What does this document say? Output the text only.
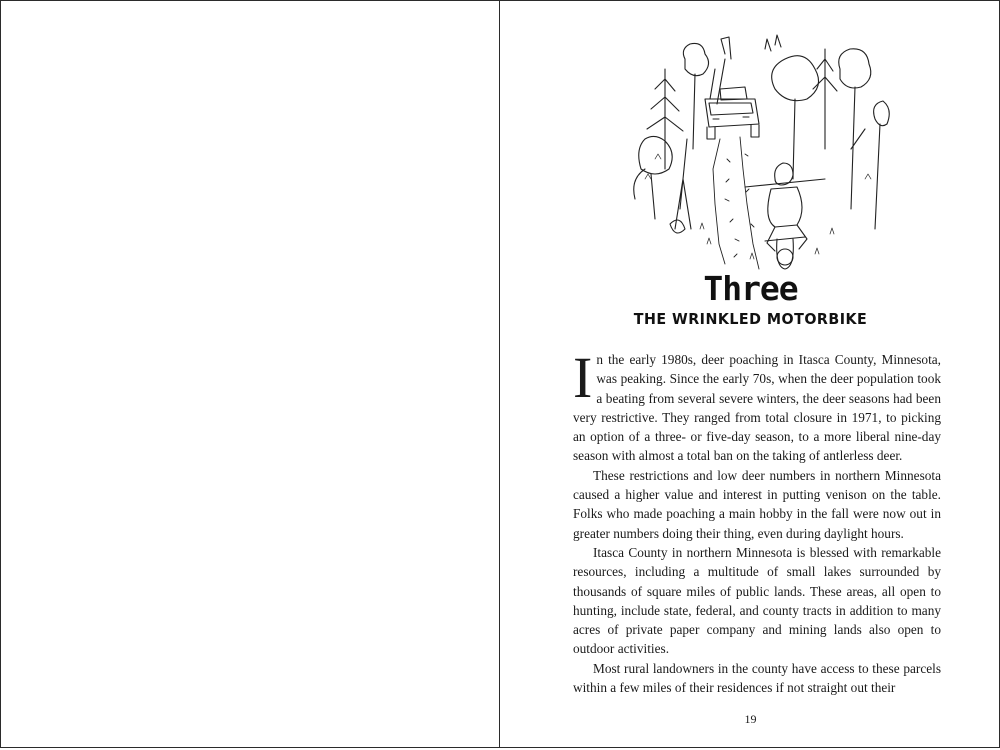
Three
THE WRINKLED MOTORBIKE

In the early 1980s, deer poaching in Itasca County, Minnesota, was peaking. Since the early 70s, when the deer population took a beating from several severe winters, the deer seasons had been very restrictive. They ranged from total closure in 1971, to picking an option of a three- or five-day season, to a more liberal nine-day season with almost a total ban on the taking of antlerless deer.

These restrictions and low deer numbers in northern Minnesota caused a higher value and interest in putting venison on the table. Folks who made poaching a main hobby in the fall were now out in greater numbers doing their thing, even during daylight hours.

Itasca County in northern Minnesota is blessed with remarkable resources, including a multitude of small lakes surrounded by thousands of square miles of public lands. These areas, all open to hunting, include state, federal, and county tracts in addition to many acres of private paper company and mining lands also open to outdoor activities.

Most rural landowners in the county have access to these parcels within a few miles of their residences if not straight out their

19
